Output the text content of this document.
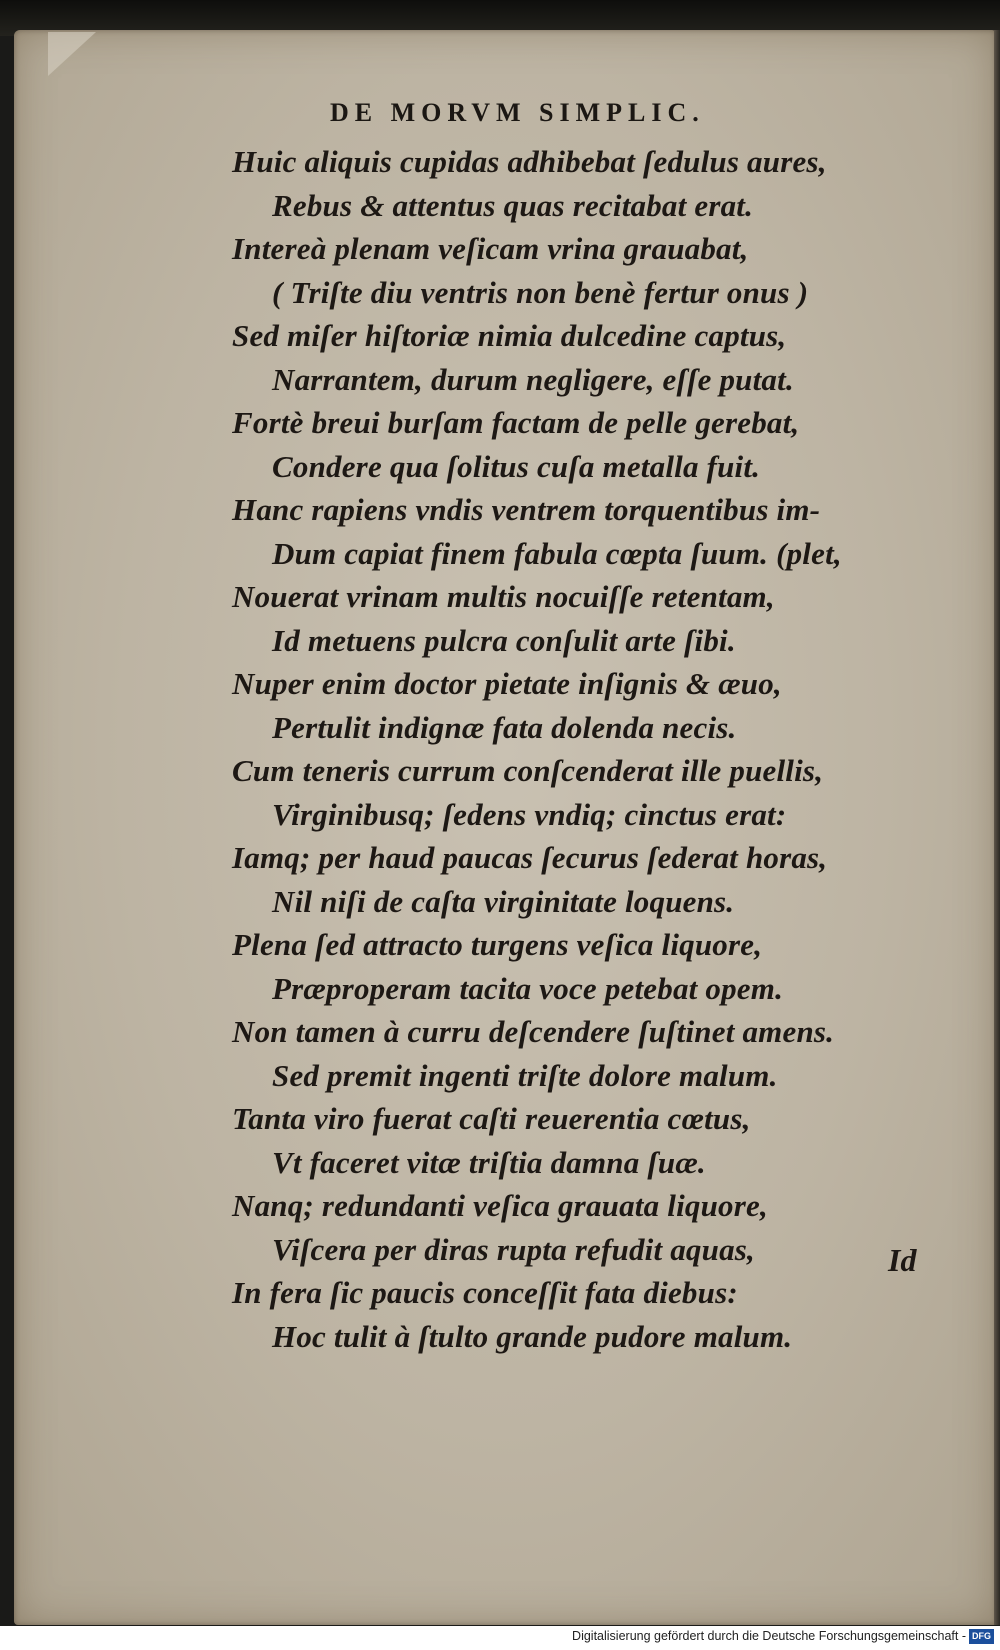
DE MORVM SIMPLIC.
Huic aliquis cupidas adhibebat ſedulus aures,
Rebus & attentus quas recitabat erat.
Intereà plenam veſicam vrina grauabat,
( Triſte diu ventris non benè fertur onus )
Sed miſer hiſtoriæ nimia dulcedine captus,
Narrantem, durum negligere, eſſe putat.
Fortè breui burſam factam de pelle gerebat,
Condere qua ſolitus cuſa metalla fuit.
Hanc rapiens vndis ventrem torquentibus im-
Dum capiat finem fabula cœpta ſuum. (plet,
Nouerat vrinam multis nocuiſſe retentam,
Id metuens pulcra conſulit arte ſibi.
Nuper enim doctor pietate inſignis & æuo,
Pertulit indignæ fata dolenda necis.
Cum teneris currum conſcenderat ille puellis,
Virginibusq; ſedens vndiq; cinctus erat:
Iamq; per haud paucas ſecurus ſederat horas,
Nil niſi de caſta virginitate loquens.
Plena ſed attracto turgens veſica liquore,
Præproperam tacita voce petebat opem.
Non tamen à curru deſcendere ſuſtinet amens.
Sed premit ingenti triſte dolore malum.
Tanta viro fuerat caſti reuerentia cœtus,
Vt faceret vitæ triſtia damna ſuæ.
Nanq; redundanti veſica grauata liquore,
Viſcera per diras rupta refudit aquas,
In fera ſic paucis conceſſit fata diebus:
Hoc tulit à ſtulto grande pudore malum.
Id
Digitalisierung gefördert durch die Deutsche Forschungsgemeinschaft - DFG
